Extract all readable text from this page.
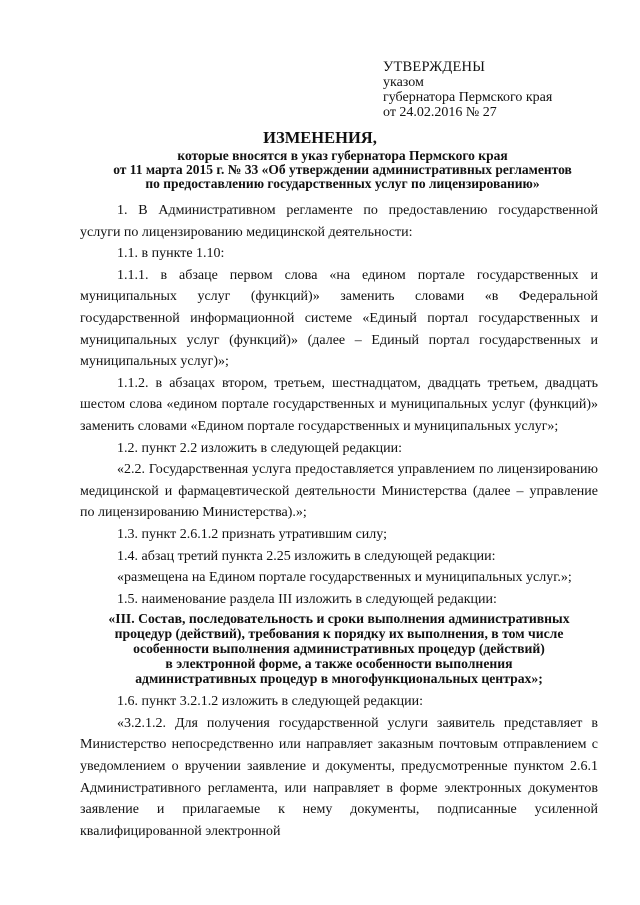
УТВЕРЖДЕНЫ
указом
губернатора Пермского края
от 24.02.2016 № 27
ИЗМЕНЕНИЯ,
которые вносятся в указ губернатора Пермского края
от 11 марта 2015 г. № 33 «Об утверждении административных регламентов
по предоставлению государственных услуг по лицензированию»

1. В Административном регламенте по предоставлению государственной услуги по лицензированию медицинской деятельности:

1.1. в пункте 1.10:

1.1.1. в абзаце первом слова «на едином портале государственных и муниципальных услуг (функций)» заменить словами «в Федеральной государственной информационной системе «Единый портал государственных и муниципальных услуг (функций)» (далее – Единый портал государственных и муниципальных услуг)»;

1.1.2. в абзацах втором, третьем, шестнадцатом, двадцать третьем, двадцать шестом слова «едином портале государственных и муниципальных услуг (функций)» заменить словами «Едином портале государственных и муниципальных услуг»;

1.2. пункт 2.2 изложить в следующей редакции:

«2.2. Государственная услуга предоставляется управлением по лицензированию медицинской и фармацевтической деятельности Министерства (далее – управление по лицензированию Министерства).»;

1.3. пункт 2.6.1.2 признать утратившим силу;

1.4. абзац третий пункта 2.25 изложить в следующей редакции:

«размещена на Едином портале государственных и муниципальных услуг.»;

1.5. наименование раздела III изложить в следующей редакции:

«III. Состав, последовательность и сроки выполнения административных
процедур (действий), требования к порядку их выполнения, в том числе
особенности выполнения административных процедур (действий)
в электронной форме, а также особенности выполнения
административных процедур в многофункциональных центрах»;

1.6. пункт 3.2.1.2 изложить в следующей редакции:

«3.2.1.2. Для получения государственной услуги заявитель представляет в Министерство непосредственно или направляет заказным почтовым отправлением с уведомлением о вручении заявление и документы, предусмотренные пунктом 2.6.1 Административного регламента, или направляет в форме электронных документов заявление и прилагаемые к нему документы, подписанные усиленной квалифицированной электронной
